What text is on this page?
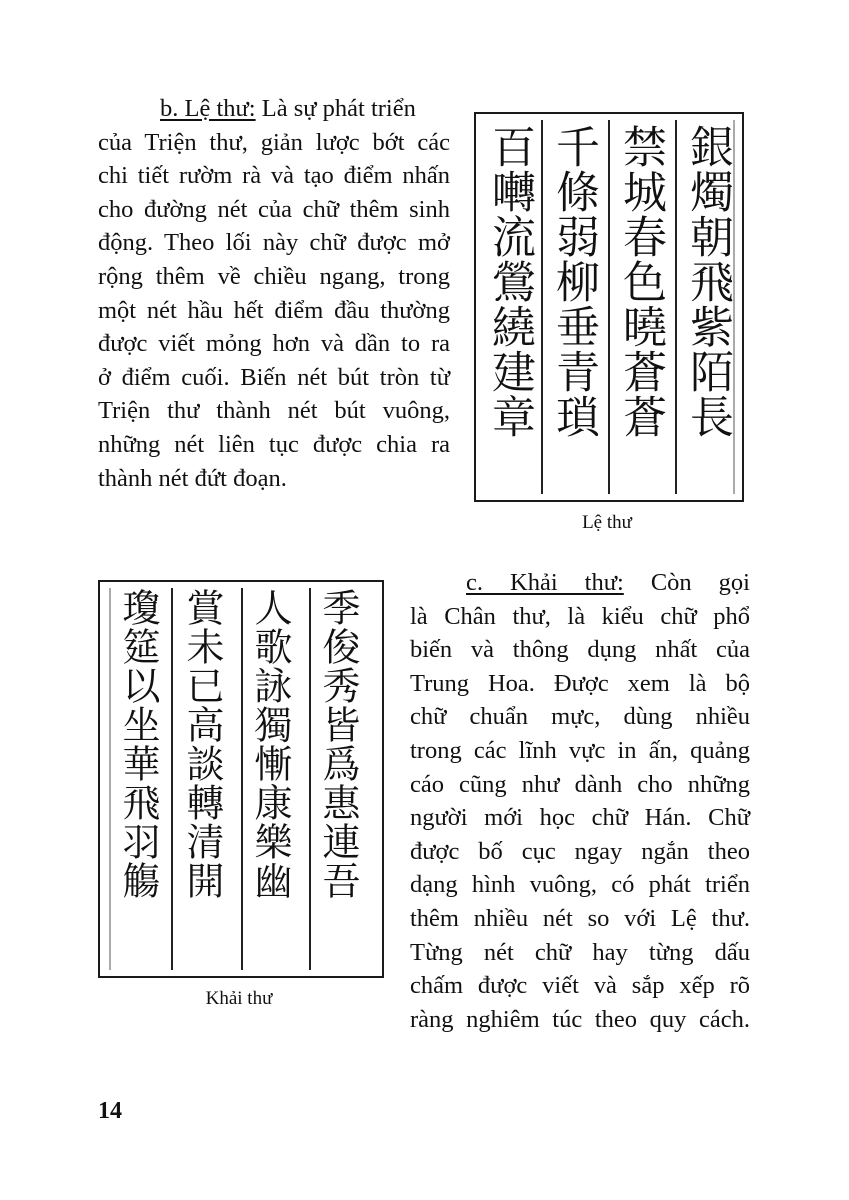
b. Lệ thư: Là sự phát triển
của Triện thư, giản lược bớt các
chi tiết rườm rà và tạo điểm nhấn
cho đường nét của chữ thêm sinh
động. Theo lối này chữ được mở
rộng thêm về chiều ngang, trong
một nét hầu hết điểm đầu thường
được viết mỏng hơn và dần to ra
ở điểm cuối. Biến nét bút tròn từ
Triện thư thành nét bút vuông,
những nét liên tục được chia ra
thành nét đứt đoạn.
銀燭朝飛紫陌長
禁城春色曉蒼蒼
千條弱柳垂青瑣
百囀流鶯繞建章
Lệ thư
季俊秀皆爲惠連吾
人歌詠獨慚康樂幽
賞未已高談轉清開
瓊筵以坐華飛羽觴
Khải thư
c. Khải thư: Còn gọi
là Chân thư, là kiểu chữ phổ
biến và thông dụng nhất của
Trung Hoa. Được xem là bộ
chữ chuẩn mực, dùng nhiều
trong các lĩnh vực in ấn, quảng
cáo cũng như dành cho những
người mới học chữ Hán. Chữ
được bố cục ngay ngắn theo
dạng hình vuông, có phát triển
thêm nhiều nét so với Lệ thư.
Từng nét chữ hay từng dấu
chấm được viết và sắp xếp rõ
ràng nghiêm túc theo quy cách.
14
